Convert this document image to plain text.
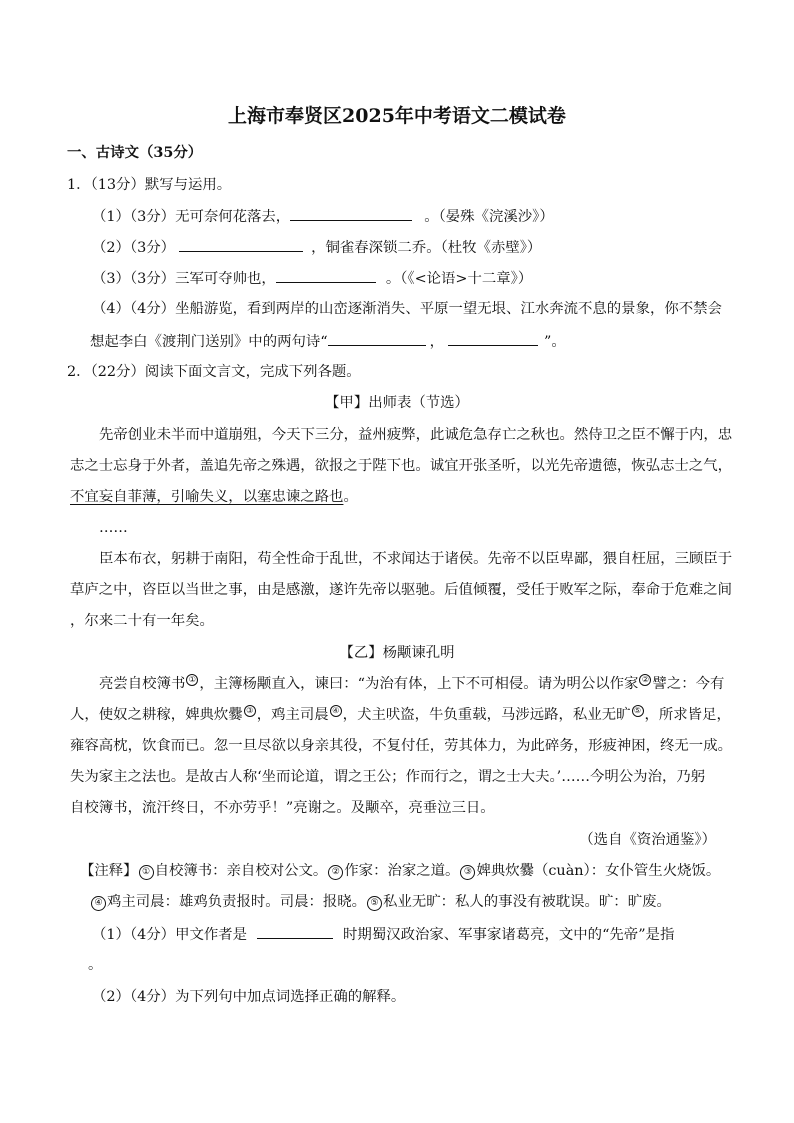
上海市奉贤区2025年中考语文二模试卷
一、古诗文（35分）
1．（13分）默写与运用。
（1）（3分）无可奈何花落去，	。（晏殊《浣溪沙》）
（2）（3分）	，铜雀春深锁二乔。（杜牧《赤壁》）
（3）（3分）三军可夺帅也，	。（《<论语>十二章》）
（4）（4分）坐船游览，看到两岸的山峦逐渐消失、平原一望无垠、江水奔流不息的景象，你不禁会
想起李白《渡荆门送别》中的两句诗“	，	”。
2．（22分）阅读下面文言文，完成下列各题。
【甲】出师表（节选）
先帝创业未半而中道崩殂，今天下三分，益州疲弊，此诚危急存亡之秋也。然侍卫之臣不懈于内，忠
志之士忘身于外者，盖追先帝之殊遇，欲报之于陛下也。诚宜开张圣听，以光先帝遗德，恢弘志士之气，
不宜妄自菲薄，引喻失义，以塞忠谏之路也。
……
臣本布衣，躬耕于南阳，苟全性命于乱世，不求闻达于诸侯。先帝不以臣卑鄙，猥自枉屈，三顾臣于
草庐之中，咨臣以当世之事，由是感激，遂许先帝以驱驰。后值倾覆，受任于败军之际，奉命于危难之间
，尔来二十有一年矣。
【乙】杨颙谏孔明
亮尝自校簿书 ① ，主簿杨颙直入，谏曰：“为治有体，上下不可相侵。请为明公以作家 ② 譬之：今有
人，使奴之耕稼，婢典炊爨 ③ ，鸡主司晨 ④ ，犬主吠盗，牛负重载，马涉远路，私业无旷 ⑤ ，所求皆足，
雍容高枕，饮食而已。忽一旦尽欲以身亲其役，不复付任，劳其体力，为此碎务，形疲神困，终无一成。
失为家主之法也。是故古人称‘坐而论道，谓之王公；作而行之，谓之士大夫。’……今明公为治，乃躬
自校簿书，流汗终日，不亦劳乎！”亮谢之。及颙卒，亮垂泣三日。
（选自《资治通鉴》）
【注释】 ① 自校簿书：亲自校对公文。 ② 作家：治家之道。 ③ 婢典炊爨（cuàn）：女仆管生火烧饭。
④ 鸡主司晨：雄鸡负责报时。司晨：报晓。 ⑤ 私业无旷：私人的事没有被耽误。旷：旷废。
（1）（4分）甲文作者是	时期蜀汉政治家、军事家诸葛亮，文中的“先帝”是指
。
（2）（4分）为下列句中加点词选择正确的解释。
